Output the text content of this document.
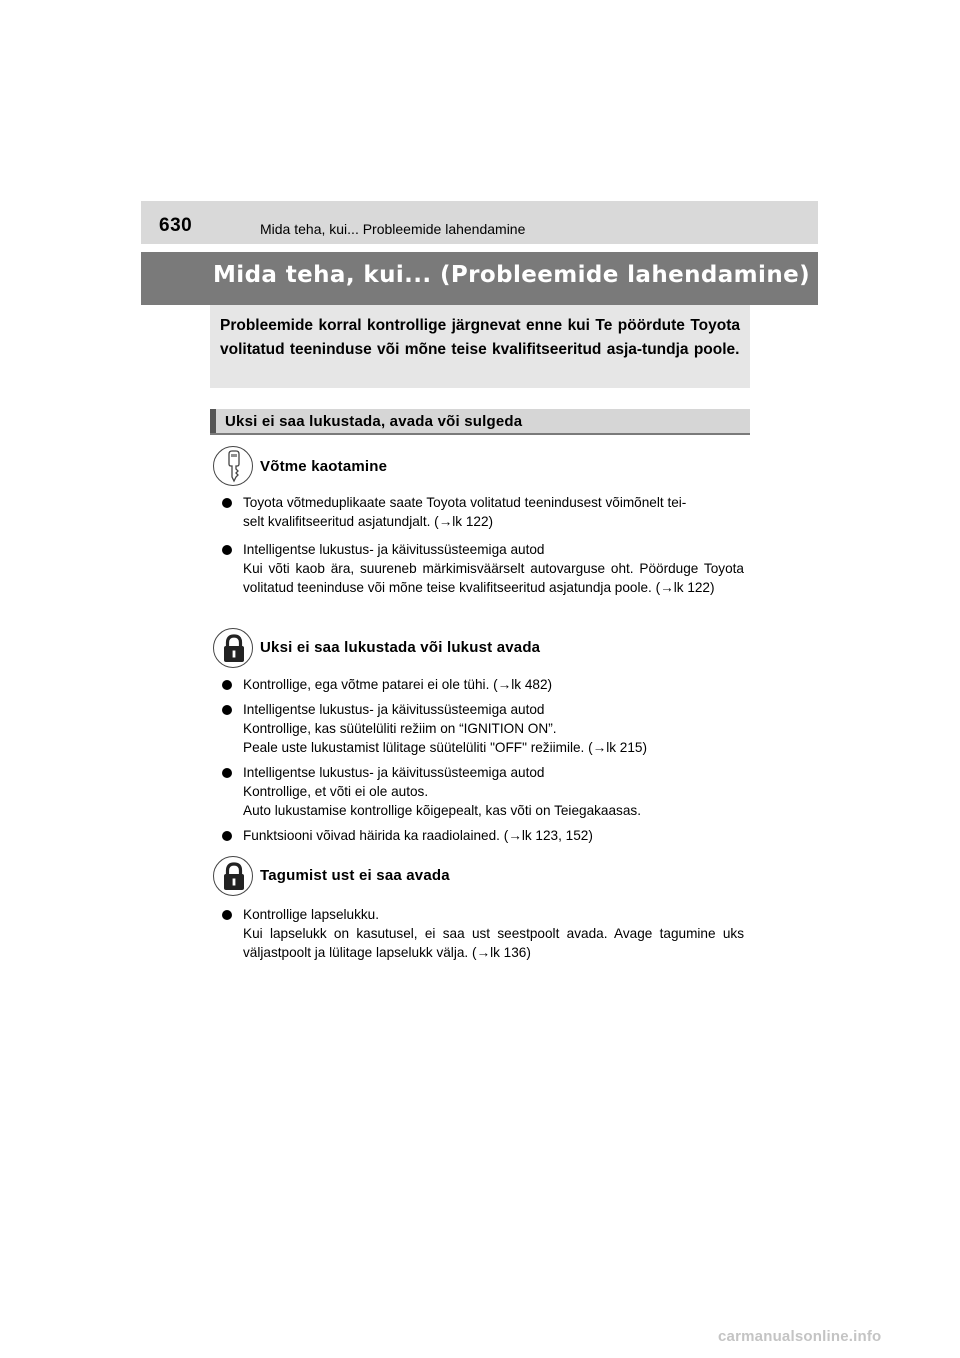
630	Mida teha, kui... Probleemide lahendamine
Mida teha, kui... (Probleemide lahendamine)
Probleemide korral kontrollige järgnevat enne kui Te pöördute Toyota volitatud teeninduse või mõne teise kvalifitseeritud asja-tundja poole.
Uksi ei saa lukustada, avada või sulgeda
Võtme kaotamine
Toyota võtmeduplikaate saate Toyota volitatud teenindusest võimõnelt tei-
selt kvalifitseeritud asjatundjalt. (→lk 122)
Intelligentse lukustus- ja käivitussüsteemiga autod
Kui võti kaob ära, suureneb märkimisväärselt autovarguse oht. Pöörduge Toyota volitatud teeninduse või mõne teise kvalifitseeritud asjatundja poole. (→lk 122)
Uksi ei saa lukustada või lukust avada
Kontrollige, ega võtme patarei ei ole tühi. (→lk 482)
Intelligentse lukustus- ja käivitussüsteemiga autod
Kontrollige, kas süütelüliti režiim on “IGNITION ON”.
Peale uste lukustamist lülitage süütelüliti "OFF" režiimile. (→lk 215)
Intelligentse lukustus- ja käivitussüsteemiga autod
Kontrollige, et võti ei ole autos.
Auto lukustamise kontrollige kõigepealt, kas võti on Teiegakaasas.
Funktsiooni võivad häirida ka raadiolained. (→lk 123, 152)
Tagumist ust ei saa avada
Kontrollige lapselukku.
Kui lapselukk on kasutusel, ei saa ust seestpoolt avada. Avage tagumine uks väljastpoolt ja lülitage lapselukk välja. (→lk 136)
carmanualsonline.info
